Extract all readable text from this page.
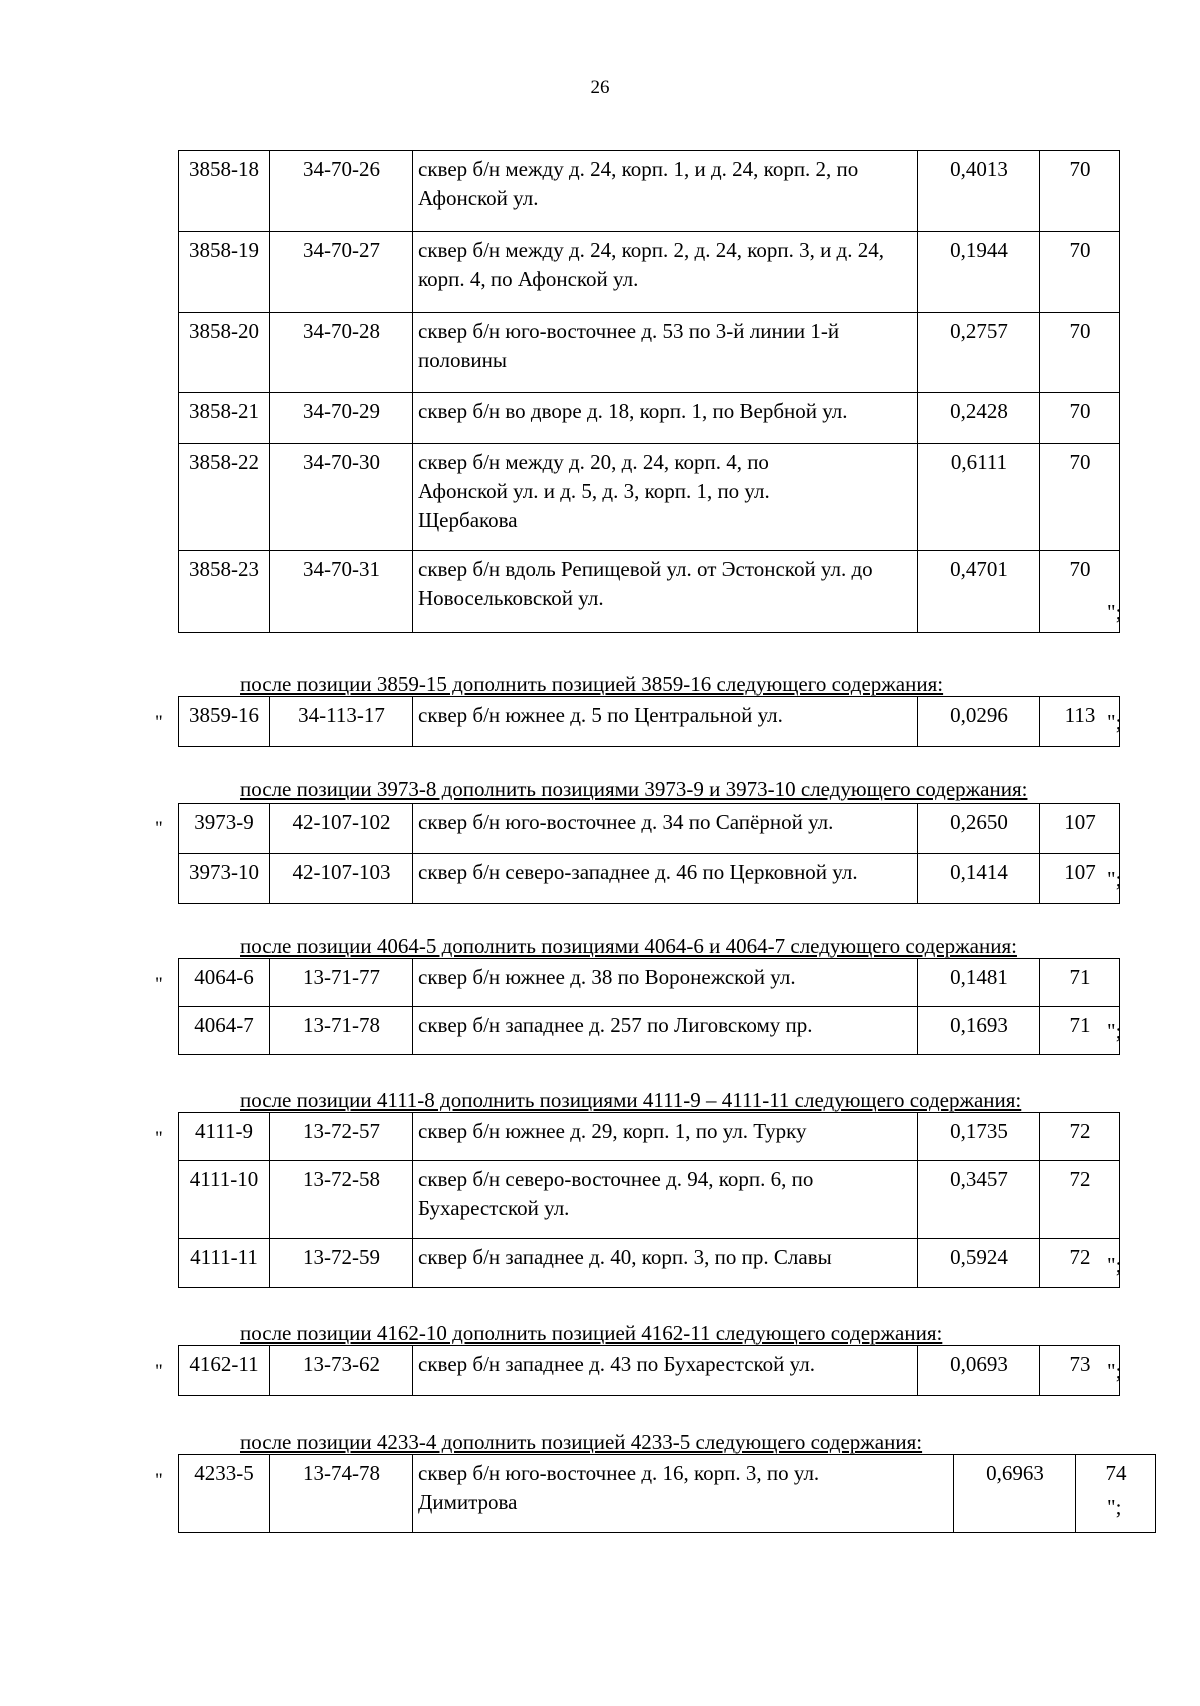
26
3858-18	34-70-26	сквер б/н между д. 24, корп. 1, и д. 24, корп. 2, по Афонской ул.	0,4013	70
3858-19	34-70-27	сквер б/н между д. 24, корп. 2, д. 24, корп. 3, и д. 24, корп. 4, по Афонской ул.	0,1944	70
3858-20	34-70-28	сквер б/н юго-восточнее д. 53 по 3-й линии 1-й половины	0,2757	70
3858-21	34-70-29	сквер б/н во дворе д. 18, корп. 1, по Вербной ул.	0,2428	70
3858-22	34-70-30	сквер б/н между д. 20, д. 24, корп. 4, по Афонской ул. и д. 5, д. 3, корп. 1, по ул. Щербакова	0,6111	70
3858-23	34-70-31	сквер б/н вдоль Репищевой ул. от Эстонской ул. до Новосельковской ул.	0,4701	70
";
после позиции 3859-15 дополнить позицией 3859-16 следующего содержания:
" 3859-16	34-113-17	сквер б/н южнее д. 5 по Центральной ул.	0,0296	113 ";
после позиции 3973-8 дополнить позициями 3973-9 и 3973-10 следующего содержания:
" 3973-9	42-107-102	сквер б/н юго-восточнее д. 34 по Сапёрной ул.	0,2650	107
3973-10	42-107-103	сквер б/н северо-западнее д. 46 по Церковной ул.	0,1414	107 ";
после позиции 4064-5 дополнить позициями 4064-6 и 4064-7 следующего содержания:
" 4064-6	13-71-77	сквер б/н южнее д. 38 по Воронежской ул.	0,1481	71
4064-7	13-71-78	сквер б/н западнее д. 257 по Лиговскому пр.	0,1693	71 ";
после позиции 4111-8 дополнить позициями 4111-9 – 4111-11 следующего содержания:
" 4111-9	13-72-57	сквер б/н южнее д. 29, корп. 1, по ул. Турку	0,1735	72
4111-10	13-72-58	сквер б/н северо-восточнее д. 94, корп. 6, по Бухарестской ул.	0,3457	72
4111-11	13-72-59	сквер б/н западнее д. 40, корп. 3, по пр. Славы	0,5924	72 ";
после позиции 4162-10 дополнить позицией 4162-11 следующего содержания:
" 4162-11	13-73-62	сквер б/н западнее д. 43 по Бухарестской ул.	0,0693	73 ";
после позиции 4233-4 дополнить позицией 4233-5 следующего содержания:
" 4233-5	13-74-78	сквер б/н юго-восточнее д. 16, корп. 3, по ул. Димитрова	0,6963	74
";
